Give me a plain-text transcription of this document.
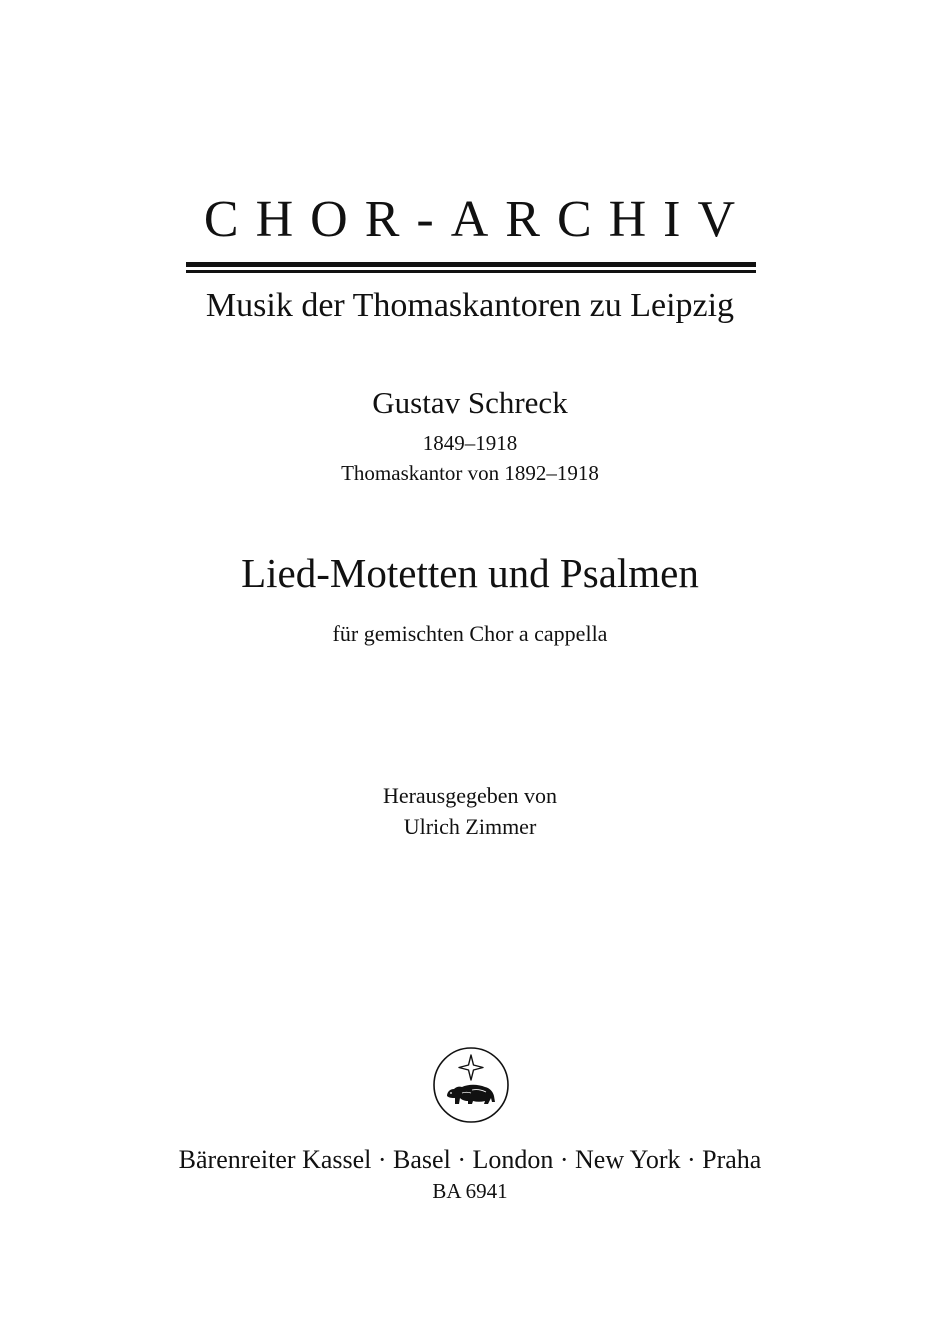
CHOR-ARCHIV
Musik der Thomaskantoren zu Leipzig
Gustav Schreck
1849–1918
Thomaskantor von 1892–1918
Lied-Motetten und Psalmen
für gemischten Chor a cappella
Herausgegeben von
Ulrich Zimmer
Bärenreiter Kassel · Basel · London · New York · Praha
BA 6941
